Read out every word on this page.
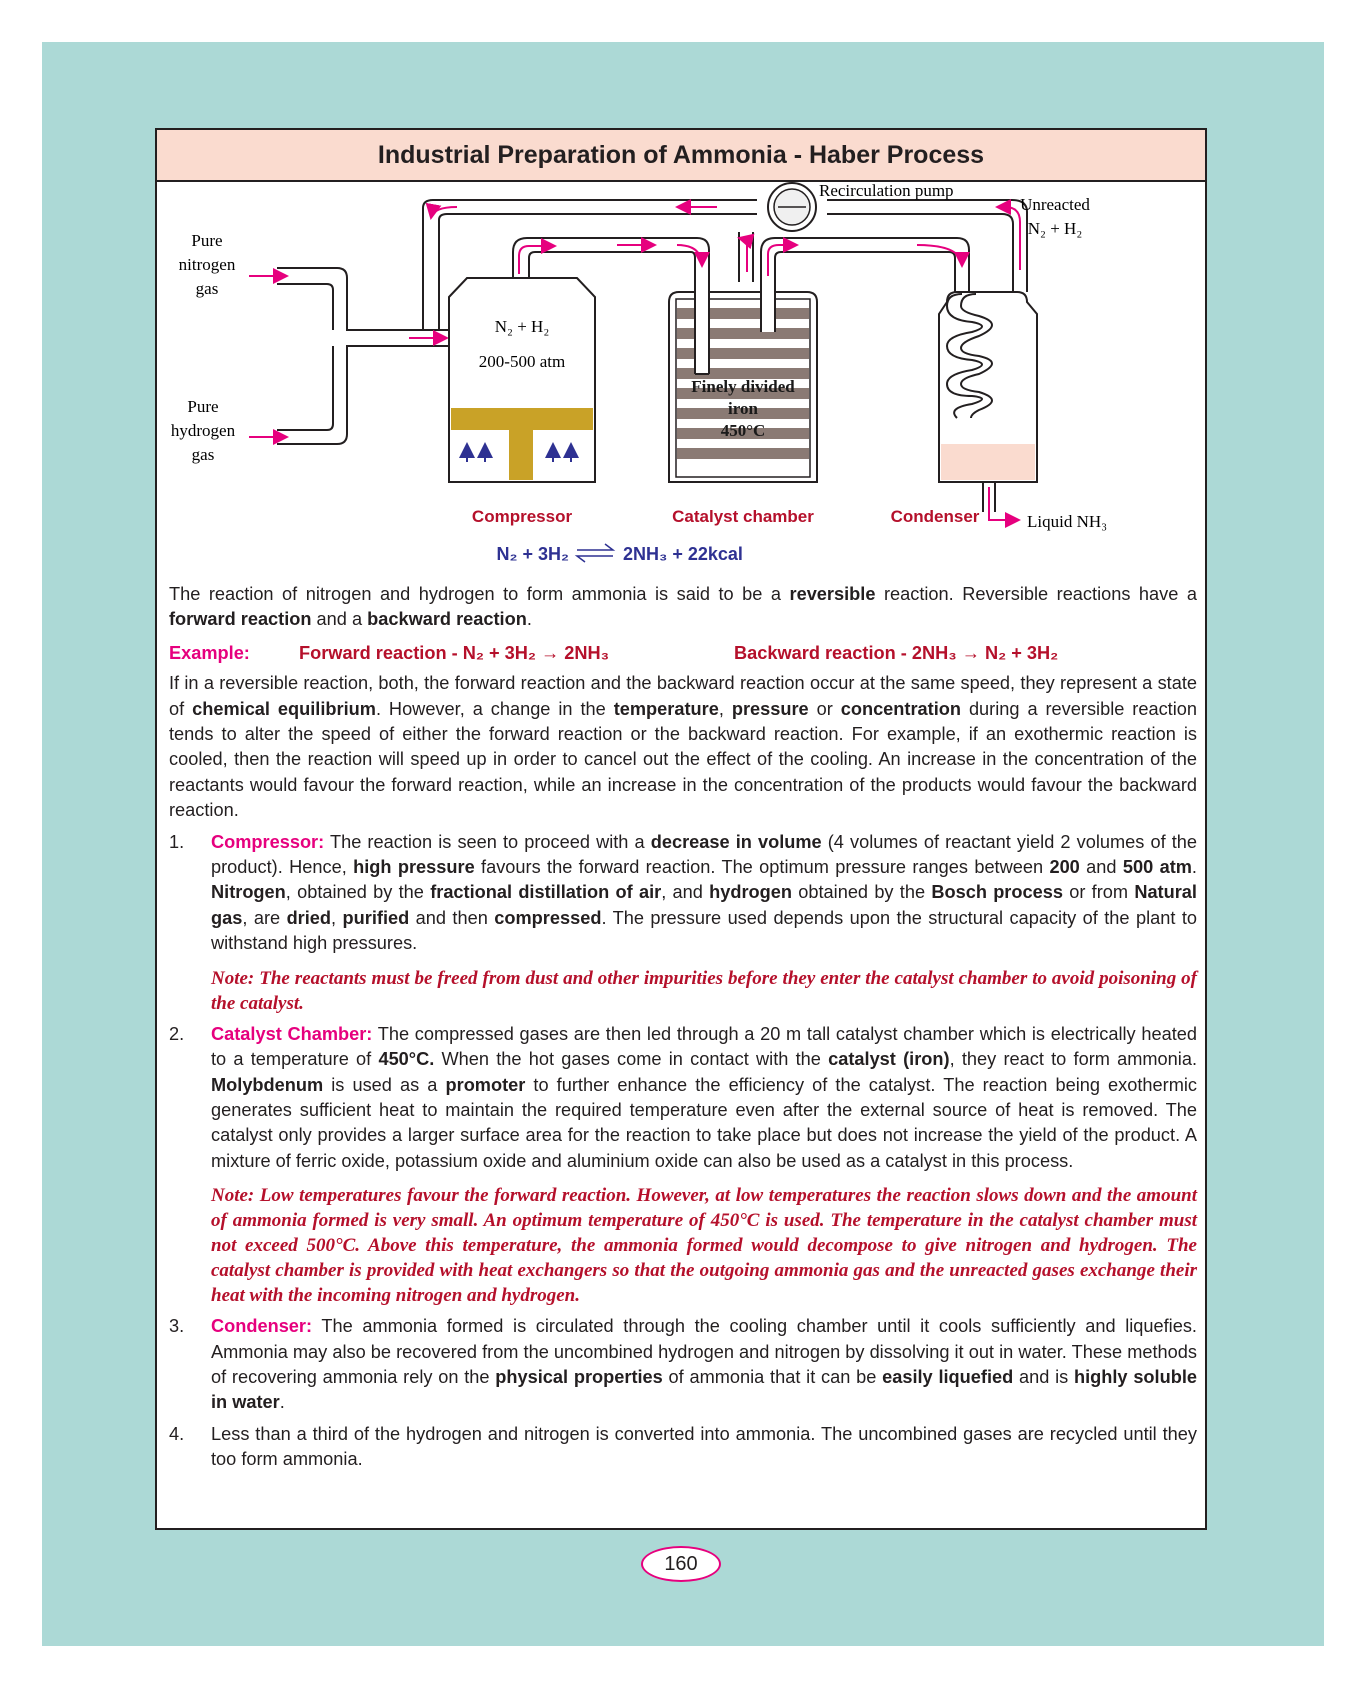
Industrial Preparation of Ammonia - Haber Process
Recirculation pump
N₂ + H₂
200-500 atm
Finely divided
iron
450°C
Unreacted
N₂ + H₂
Pure
nitrogen
gas
Pure
hydrogen
gas
Compressor	Catalyst chamber	Condenser	Liquid NH₃
N₂ + 3H₂	2NH₃ + 22kcal

The reaction of nitrogen and hydrogen to form ammonia is said to be a reversible reaction. Reversible reactions have a forward reaction and a backward reaction.

Example:	Forward reaction - N₂ + 3H₂ → 2NH₃	Backward reaction - 2NH₃ → N₂ + 3H₂

If in a reversible reaction, both, the forward reaction and the backward reaction occur at the same speed, they represent a state of chemical equilibrium. However, a change in the temperature, pressure or concentration during a reversible reaction tends to alter the speed of either the forward reaction or the backward reaction. For example, if an exothermic reaction is cooled, then the reaction will speed up in order to cancel out the effect of the cooling. An increase in the concentration of the reactants would favour the forward reaction, while an increase in the concentration of the products would favour the backward reaction.

1. Compressor: The reaction is seen to proceed with a decrease in volume (4 volumes of reactant yield 2 volumes of the product). Hence, high pressure favours the forward reaction. The optimum pressure ranges between 200 and 500 atm. Nitrogen, obtained by the fractional distillation of air, and hydrogen obtained by the Bosch process or from Natural gas, are dried, purified and then compressed. The pressure used depends upon the structural capacity of the plant to withstand high pressures.
Note: The reactants must be freed from dust and other impurities before they enter the catalyst chamber to avoid poisoning of the catalyst.
2. Catalyst Chamber: The compressed gases are then led through a 20 m tall catalyst chamber which is electrically heated to a temperature of 450°C. When the hot gases come in contact with the catalyst (iron), they react to form ammonia. Molybdenum is used as a promoter to further enhance the efficiency of the catalyst. The reaction being exothermic generates sufficient heat to maintain the required temperature even after the external source of heat is removed. The catalyst only provides a larger surface area for the reaction to take place but does not increase the yield of the product. A mixture of ferric oxide, potassium oxide and aluminium oxide can also be used as a catalyst in this process.
Note: Low temperatures favour the forward reaction. However, at low temperatures the reaction slows down and the amount of ammonia formed is very small. An optimum temperature of 450°C is used. The temperature in the catalyst chamber must not exceed 500°C. Above this temperature, the ammonia formed would decompose to give nitrogen and hydrogen. The catalyst chamber is provided with heat exchangers so that the outgoing ammonia gas and the unreacted gases exchange their heat with the incoming nitrogen and hydrogen.
3. Condenser: The ammonia formed is circulated through the cooling chamber until it cools sufficiently and liquefies. Ammonia may also be recovered from the uncombined hydrogen and nitrogen by dissolving it out in water. These methods of recovering ammonia rely on the physical properties of ammonia that it can be easily liquefied and is highly soluble in water.
4. Less than a third of the hydrogen and nitrogen is converted into ammonia. The uncombined gases are recycled until they too form ammonia.
160
